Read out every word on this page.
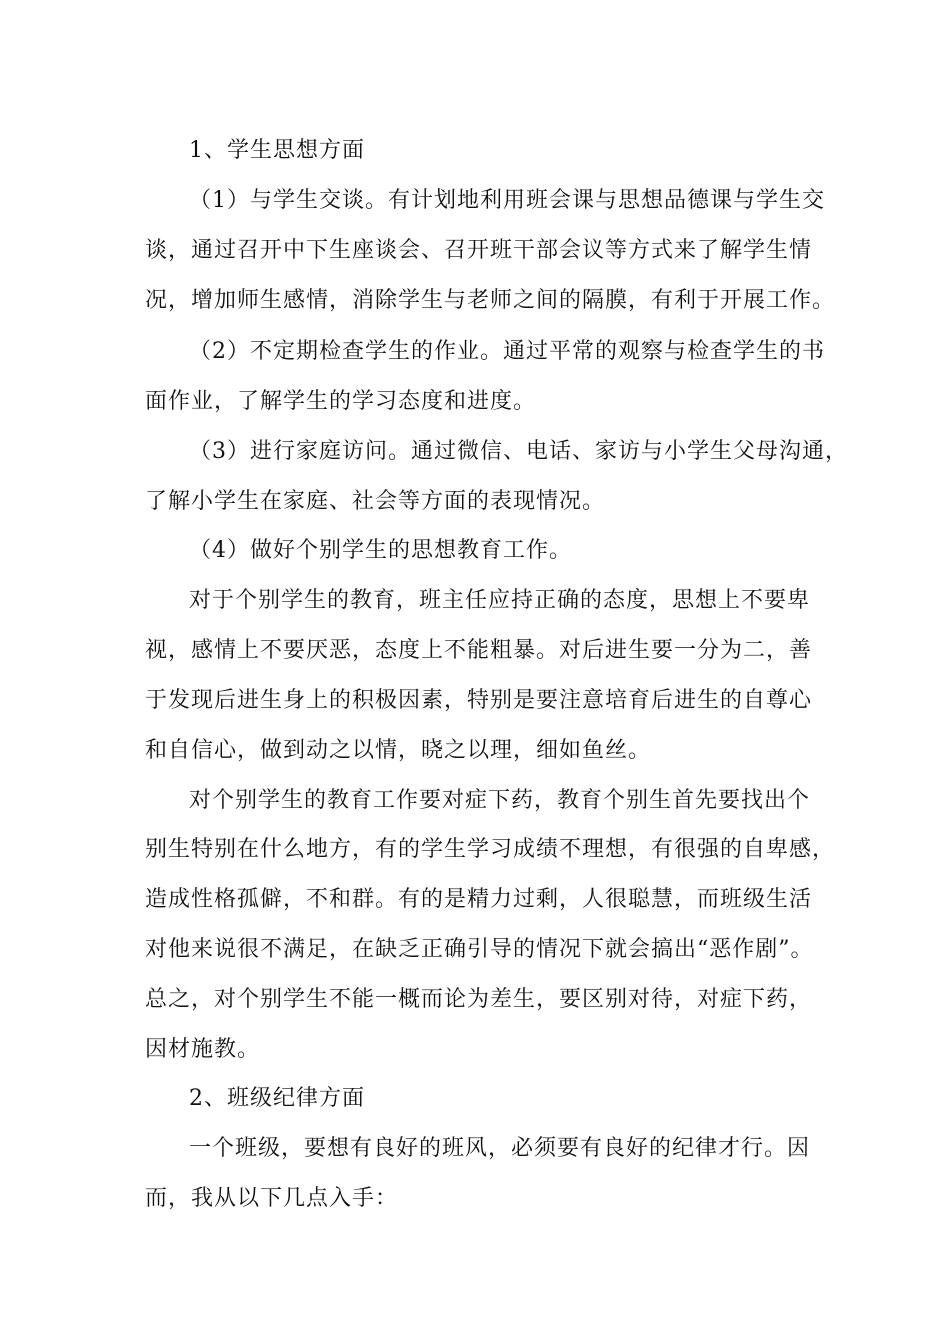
1、学生思想方面
（1）与学生交谈。有计划地利用班会课与思想品德课与学生交
谈，通过召开中下生座谈会、召开班干部会议等方式来了解学生情
况，增加师生感情，消除学生与老师之间的隔膜，有利于开展工作。
（2）不定期检查学生的作业。通过平常的观察与检查学生的书
面作业，了解学生的学习态度和进度。
（3）进行家庭访问。通过微信、电话、家访与小学生父母沟通，
了解小学生在家庭、社会等方面的表现情况。
（4）做好个别学生的思想教育工作。
对于个别学生的教育，班主任应持正确的态度，思想上不要卑
视，感情上不要厌恶，态度上不能粗暴。对后进生要一分为二，善
于发现后进生身上的积极因素，特别是要注意培育后进生的自尊心
和自信心，做到动之以情，晓之以理，细如鱼丝。
对个别学生的教育工作要对症下药，教育个别生首先要找出个
别生特别在什么地方，有的学生学习成绩不理想，有很强的自卑感，
造成性格孤僻，不和群。有的是精力过剩，人很聪慧，而班级生活
对他来说很不满足，在缺乏正确引导的情况下就会搞出“恶作剧”。
总之，对个别学生不能一概而论为差生，要区别对待，对症下药，
因材施教。
2、班级纪律方面
一个班级，要想有良好的班风，必须要有良好的纪律才行。因
而，我从以下几点入手：
